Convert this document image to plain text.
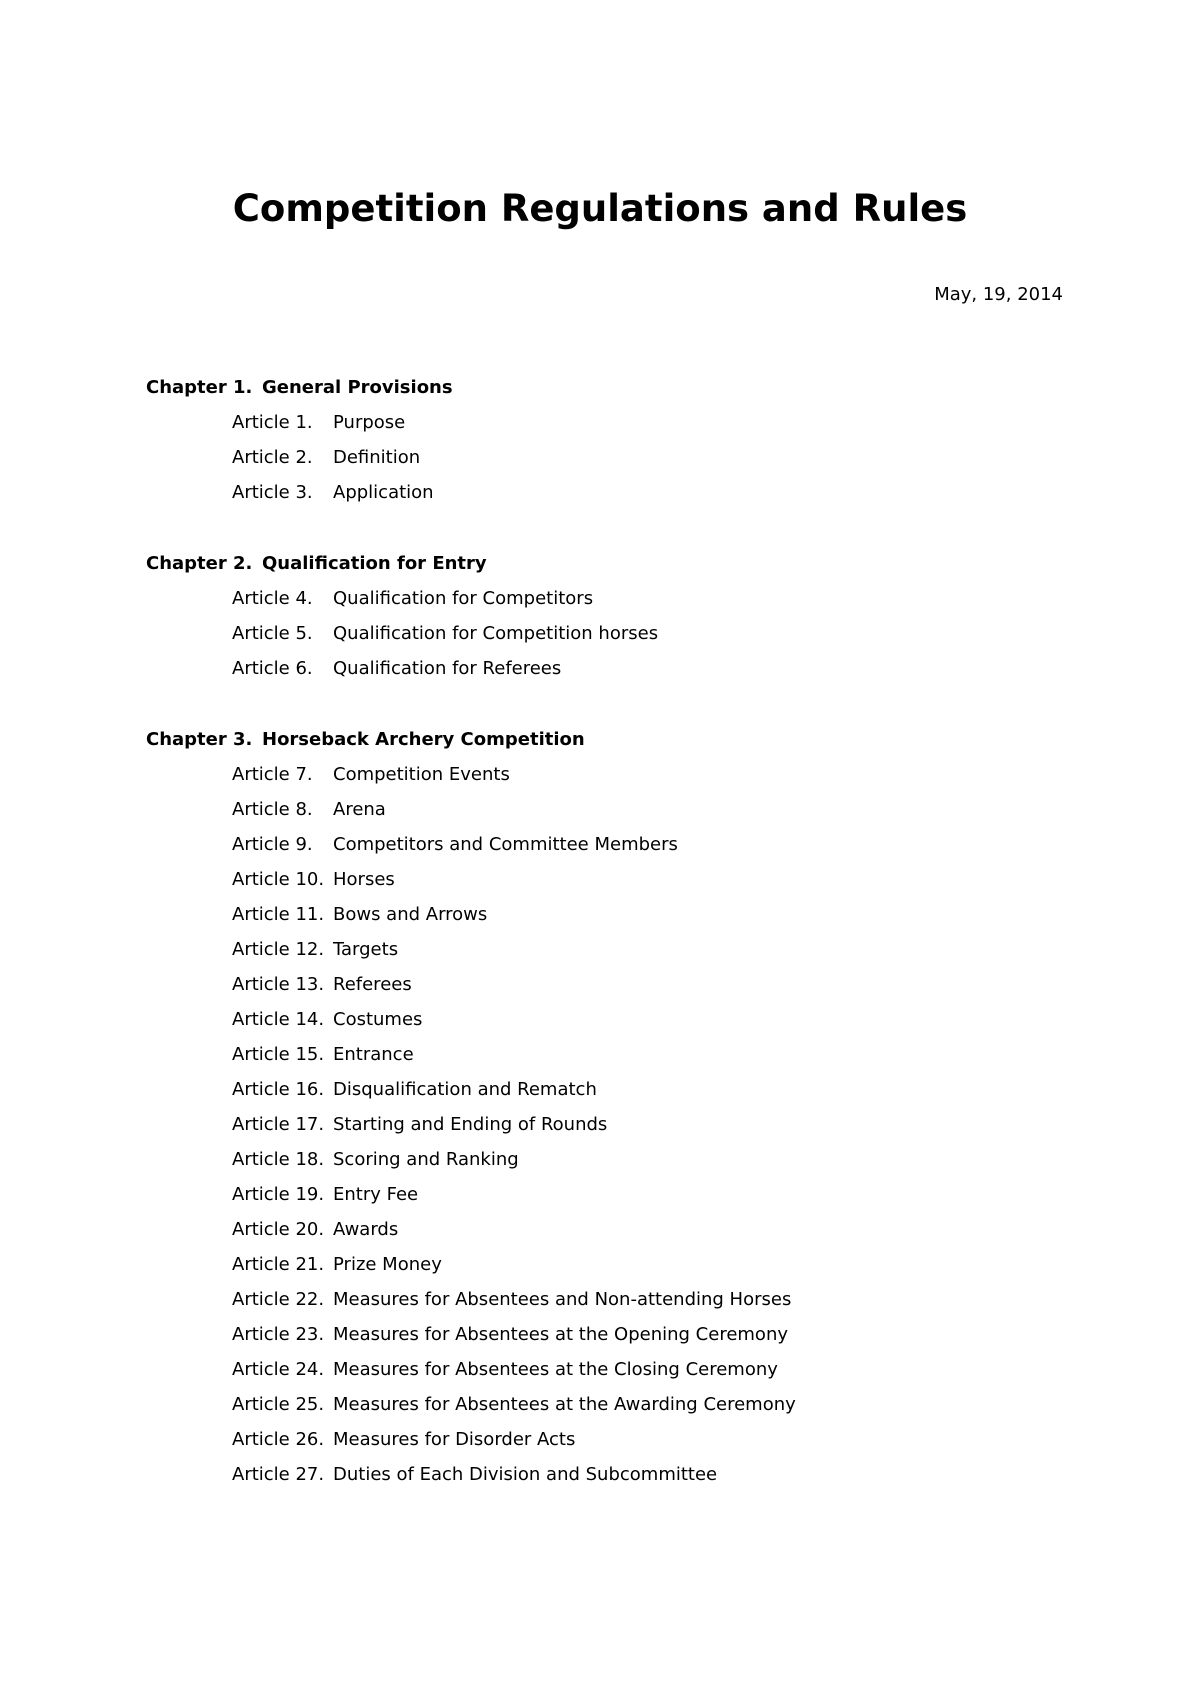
Competition Regulations and Rules
May, 19, 2014
Chapter 1. General Provisions
Article 1. Purpose
Article 2. Definition
Article 3. Application
Chapter 2. Qualification for Entry
Article 4. Qualification for Competitors
Article 5. Qualification for Competition horses
Article 6. Qualification for Referees
Chapter 3. Horseback Archery Competition
Article 7. Competition Events
Article 8. Arena
Article 9. Competitors and Committee Members
Article 10. Horses
Article 11. Bows and Arrows
Article 12. Targets
Article 13. Referees
Article 14. Costumes
Article 15. Entrance
Article 16. Disqualification and Rematch
Article 17. Starting and Ending of Rounds
Article 18. Scoring and Ranking
Article 19. Entry Fee
Article 20. Awards
Article 21. Prize Money
Article 22. Measures for Absentees and Non-attending Horses
Article 23. Measures for Absentees at the Opening Ceremony
Article 24. Measures for Absentees at the Closing Ceremony
Article 25. Measures for Absentees at the Awarding Ceremony
Article 26. Measures for Disorder Acts
Article 27. Duties of Each Division and Subcommittee
